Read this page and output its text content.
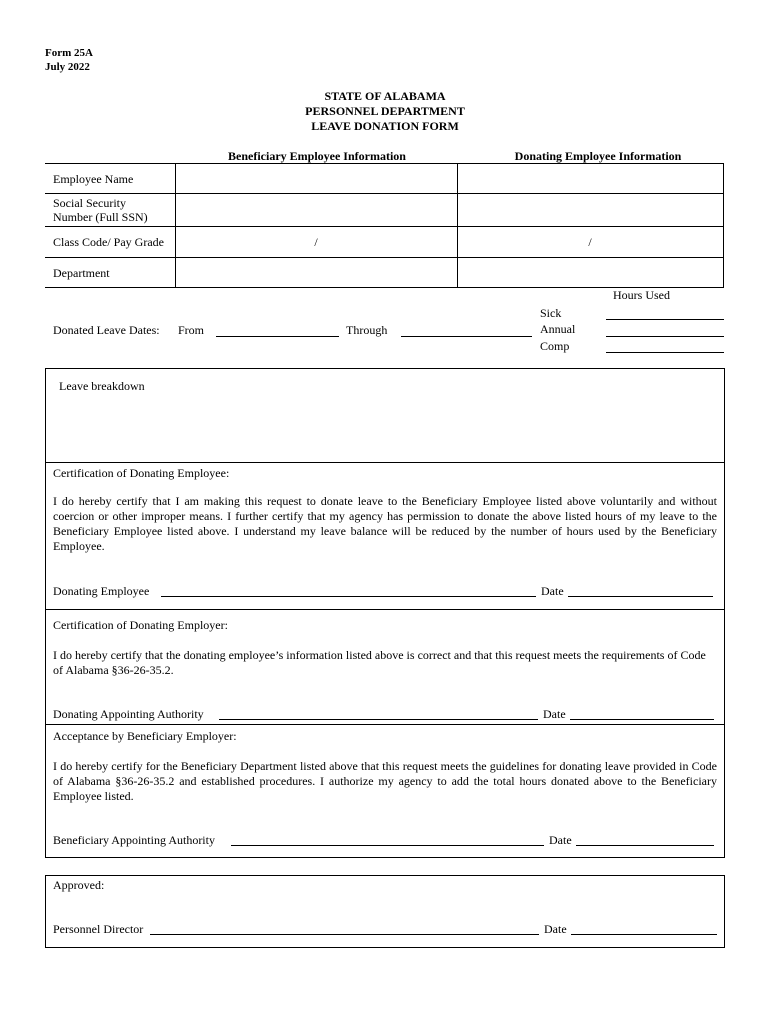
Form 25A
July 2022
STATE OF ALABAMA
PERSONNEL DEPARTMENT
LEAVE DONATION FORM
Beneficiary Employee Information	Donating Employee Information
Employee Name		
Social Security Number (Full SSN)		
Class Code/ Pay Grade	/	/
Department		
Hours Used
Sick
Annual
Comp
Donated Leave Dates: From	Through
Leave breakdown
Certification of Donating Employee:
I do hereby certify that I am making this request to donate leave to the Beneficiary Employee listed above voluntarily and without coercion or other improper means. I further certify that my agency has permission to donate the above listed hours of my leave to the Beneficiary Employee listed above. I understand my leave balance will be reduced by the number of hours used by the Beneficiary Employee.
Donating Employee	Date
Certification of Donating Employer:
I do hereby certify that the donating employee’s information listed above is correct and that this request meets the requirements of Code of Alabama §36-26-35.2.
Donating Appointing Authority	Date
Acceptance by Beneficiary Employer:
I do hereby certify for the Beneficiary Department listed above that this request meets the guidelines for donating leave provided in Code of Alabama §36-26-35.2 and established procedures. I authorize my agency to add the total hours donated above to the Beneficiary Employee listed.
Beneficiary Appointing Authority	Date
Approved:
Personnel Director	Date
